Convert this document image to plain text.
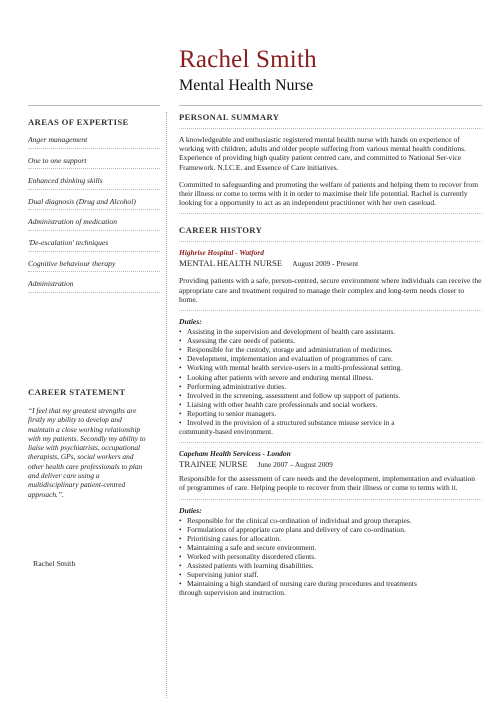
Rachel Smith
Mental Health Nurse
AREAS OF EXPERTISE
Anger management
One to one support
Enhanced thinking skills
Dual diagnosis (Drug and Alcohol)
Administration of medication
'De-escalation' techniques
Cognitive behaviour therapy
Administration
CAREER STATEMENT

“I feel that my greatest strengths are firstly my ability to develop and maintain a close working relationship with my patients. Secondly my ability to liaise with psychiatrists, occupational therapists, GPs, social workers and other health care professionals to plan and deliver care using a multidisciplinary patient-centred approach.”.

Rachel Smith
PERSONAL SUMMARY

A knowledgeable and enthusiastic registered mental health nurse with hands on experience of working with children, adults and older people suffering from various mental health conditions. Experience of providing high quality patient centred care, and committed to National Ser-vice Framework. N.I.C.E. and Essence of Care initiatives.

Committed to safeguarding and promoting the welfare of patients and helping them to recover from their illness or come to terms with it in order to maximise their life potential. Rachel is currently looking for a opportunity to act as an independent practitioner with her own caseload.

CAREER HISTORY

Highrise Hospital - Watford

MENTAL HEALTH NURSE August 2009 - Present

Providing patients with a safe, person-centred, secure environment where individuals can receive the appropriate care and treatment required to manage their complex and long-term needs closer to home.

Duties:

• Assisting in the supervision and development of health care assistants.
• Assessing the care needs of patients.
• Responsible for the custody, storage and administration of medicines.
• Development, implementation and evaluation of programmes of care.
• Working with mental health service-users in a multi-professional setting.
• Looking after patients with severe and enduring mental illness.
• Performing administrative duties.
• Involved in the screening, assessment and follow up support of patients.
• Liaising with other health care professionals and social workers.
• Reporting to senior managers.
• Involved in the provision of a structured substance misuse service in a
community-based environment.

Capeham Health Servicess - London

TRAINEE NURSE June 2007 – August 2009

Responsible for the assessment of care needs and the development, implementation and evaluation of programmes of care. Helping people to recover from their illness or come to terms with it.

Duties:

• Responsible for the clinical co-ordination of individual and group therapies.
• Formulations of appropriate care plans and delivery of care co-ordination.
• Prioritising cases for allocation.
• Maintaining a safe and secure environment.
• Worked with personality disordered clients.
• Assisted patients with learning disabilities.
• Supervising junior staff.
• Maintaining a high standard of nursing care during procedures and treatments
through supervision and instruction.
